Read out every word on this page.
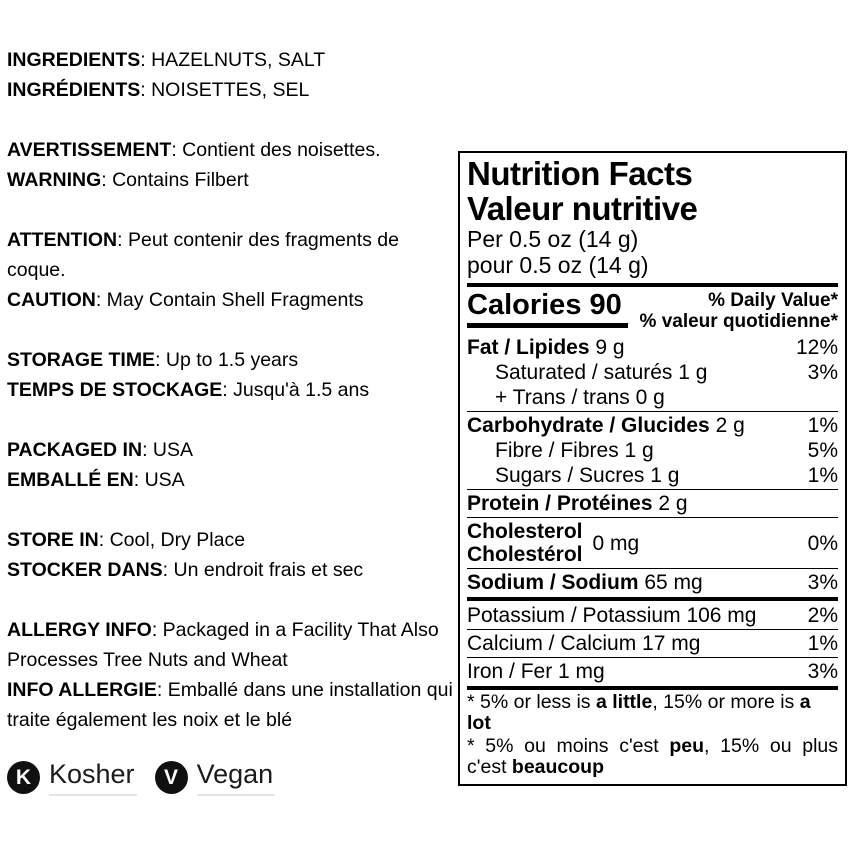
INGREDIENTS: HAZELNUTS, SALT
INGRÉDIENTS: NOISETTES, SEL
AVERTISSEMENT: Contient des noisettes.
WARNING: Contains Filbert
ATTENTION: Peut contenir des fragments de coque.
CAUTION: May Contain Shell Fragments
STORAGE TIME: Up to 1.5 years
TEMPS DE STOCKAGE: Jusqu'à 1.5 ans
PACKAGED IN: USA
EMBALLÉ EN: USA
STORE IN: Cool, Dry Place
STOCKER DANS: Un endroit frais et sec
ALLERGY INFO: Packaged in a Facility That Also Processes Tree Nuts and Wheat
INFO ALLERGIE: Emballé dans une installation qui traite également les noix et le blé
K Kosher V Vegan
Nutrition Facts
Valeur nutritive
Per 0.5 oz (14 g)
pour 0.5 oz (14 g)
Calories 90	% Daily Value*
% valeur quotidienne*
Fat / Lipides 9 g	12%
Saturated / saturés 1 g	3%
+ Trans / trans 0 g
Carbohydrate / Glucides 2 g	1%
Fibre / Fibres 1 g	5%
Sugars / Sucres 1 g	1%
Protein / Protéines 2 g
Cholesterol
Cholestérol 0 mg	0%
Sodium / Sodium 65 mg	3%
Potassium / Potassium 106 mg 2%
Calcium / Calcium 17 mg	1%
Iron / Fer 1 mg	3%
* 5% or less is a little, 15% or more is a lot
* 5% ou moins c'est peu, 15% ou plus c'est beaucoup
